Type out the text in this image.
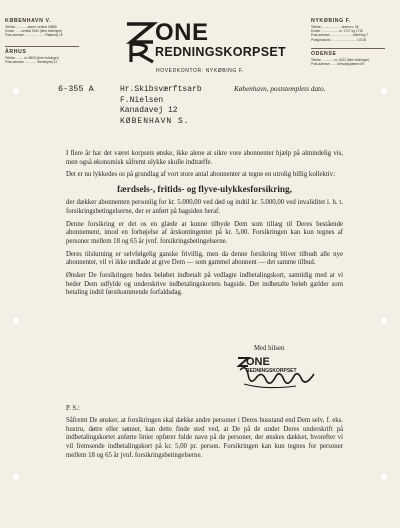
KØBENHAVN V.
Telefon ............ alarm: central 15886
Kontor ...... central 9430 (flere ledninger)
Post-adresse ...................... Platanvej 19
ÅRHUS
Telefon ........ nr. 8809 (flere ledninger)
Post-adresse ............. Stensbyvej 12
NYKØBING F.
Telefon ..................... alarm nr. 36
Kontor ................... nr. 1717 og 1718
Post-adresse ........................ Ahlebrog 7
Postgirokonto ............................ 14718
ODENSE
Telefon ............. nr. 6222 (flere ledninger)
Post-adresse ...... Omsorgsparken 69
ONE
REDNINGSKORPSET
HOVEDKONTOR: NYKØBING F.
6-355 A	Hr.Skibsværftsarb
F.Nielsen
Kanadavej 12
KØBENHAVN S.
København, poststemplets dato.

I flere år har det været korpsets ønske, ikke alene at sikre vore abonnenter hjælp på almindelig vis, men også økonomisk såfremt ulykke skulle indtræffe.

Det er nu lykkedes os på grundlag af vort store antal abonnenter at tegne en utrolig billig kollektiv:

færdsels-, fritids- og flyve-ulykkesforsikring,

der dækker abonnenten personlig for kr. 5.000,00 ved død og indtil kr. 5.000,00 ved invaliditet i. h. t. forsikringsbetingelserne, der er anført på bagsiden heraf.

Denne forsikring er det os en glæde at kunne tilbyde Dem som tillæg til Deres bestående abonnement, imod en forhøjelse af årskontingentet på kr. 5,00. Forsikringen kan kun tegnes af personer mellem 18 og 65 år jvnf. forsikringsbetingelserne.

Deres tilslutning er selvfølgelig ganske frivillig, men da denne forsikring bliver tilbudt alle nye abonnenter, vil vi ikke undlade at give Dem — som gammel abonnent — det samme tilbud.

Ønsker De forsikringen bedes beløbet indbetalt på vedlagte indbetalingskort, samtidig med at vi beder Dem udfylde og underskrive indbetalingskortets bagside. Det indbetalte beløb gælder som betaling indtil førstkommende forfaldsdag.

Med hilsen
ONE
REDNINGSKORPSET
P. S.:
Såfremt De ønsker, at forsikringen skal dække andre personer i Deres husstand end Dem selv, f. eks. hustru, døtre eller sønner, kan dette finde sted ved, at De på de under Deres underskrift på indbetalingskortet anførte linier opfører fulde navn på de personer, der ønskes dækket, hvorefter vi vil fremsende indbetalingskort på kr. 5,00 pr. person. Forsikringen kan kun tegnes for personer mellem 18 og 65 år jvnf. forsikringsbetingelserne.
